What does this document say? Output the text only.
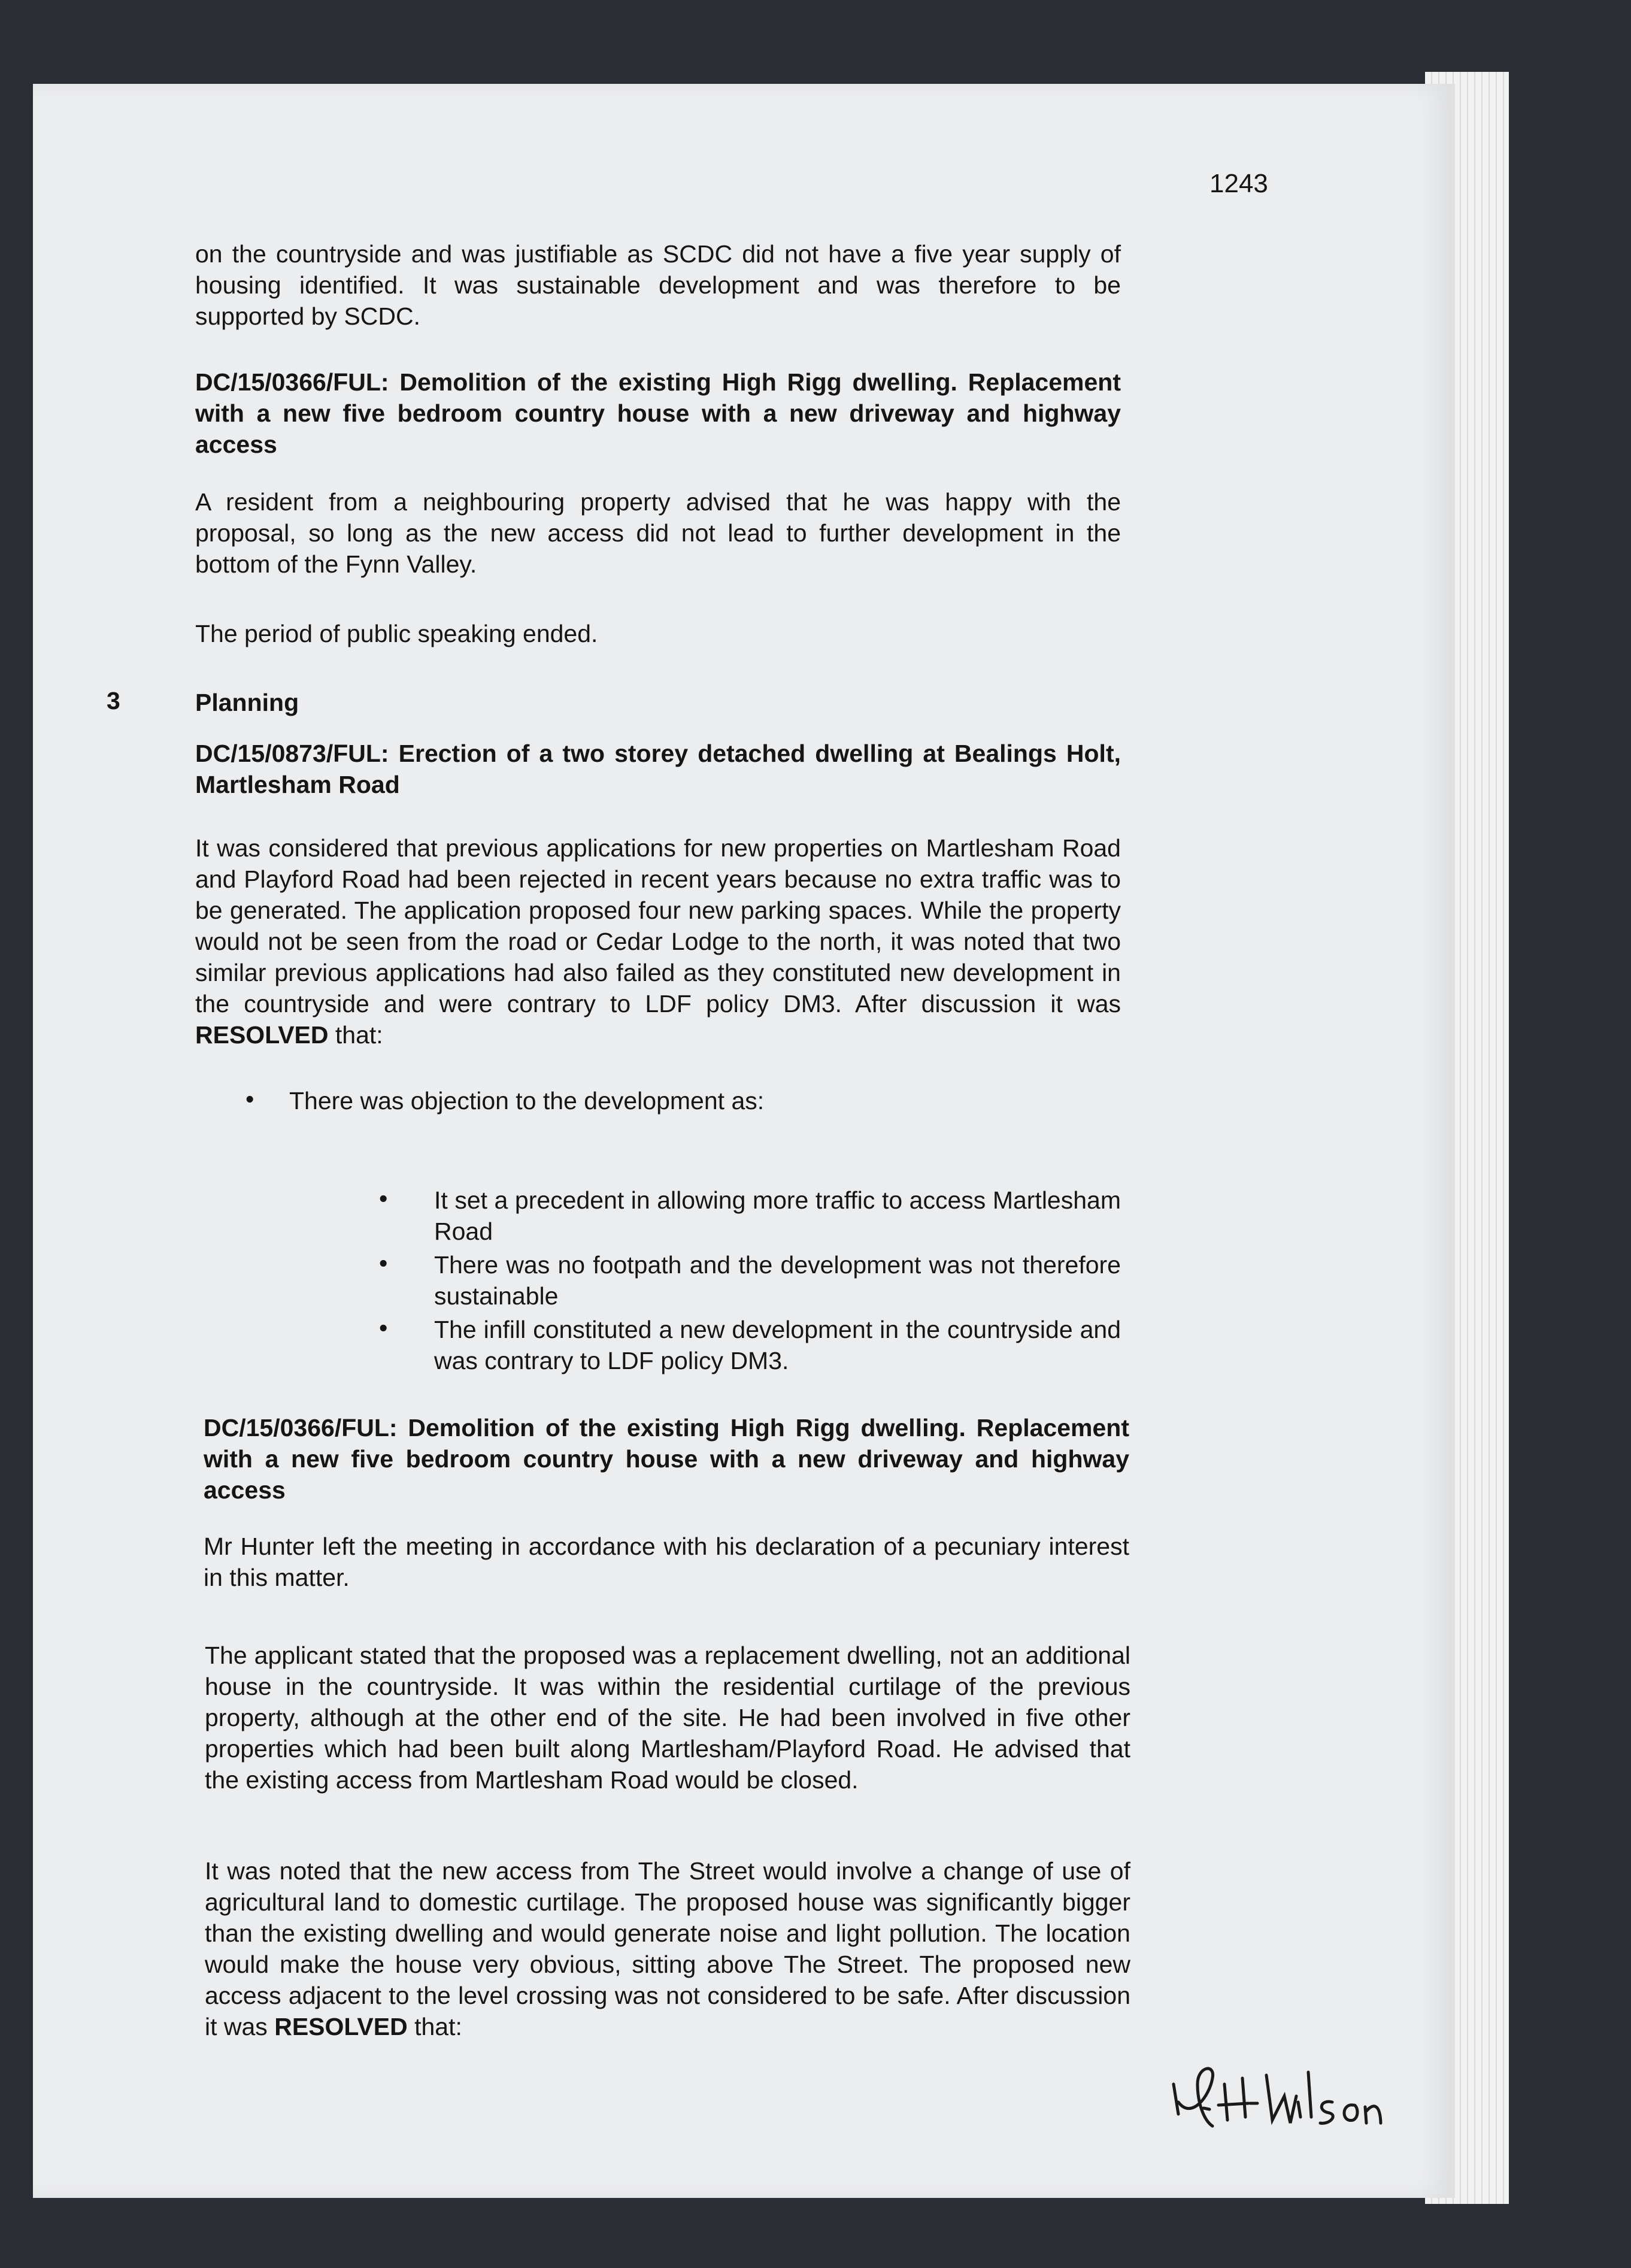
1243
on the countryside and was justifiable as SCDC did not have a five year supply of housing identified. It was sustainable development and was therefore to be supported by SCDC.
DC/15/0366/FUL: Demolition of the existing High Rigg dwelling. Replacement with a new five bedroom country house with a new driveway and highway access
A resident from a neighbouring property advised that he was happy with the proposal, so long as the new access did not lead to further development in the bottom of the Fynn Valley.
The period of public speaking ended.
3	Planning
DC/15/0873/FUL: Erection of a two storey detached dwelling at Bealings Holt, Martlesham Road
It was considered that previous applications for new properties on Martlesham Road and Playford Road had been rejected in recent years because no extra traffic was to be generated. The application proposed four new parking spaces. While the property would not be seen from the road or Cedar Lodge to the north, it was noted that two similar previous applications had also failed as they constituted new development in the countryside and were contrary to LDF policy DM3. After discussion it was RESOLVED that:
• There was objection to the development as:
• It set a precedent in allowing more traffic to access Martlesham Road
• There was no footpath and the development was not therefore sustainable
• The infill constituted a new development in the countryside and was contrary to LDF policy DM3.
DC/15/0366/FUL: Demolition of the existing High Rigg dwelling. Replacement with a new five bedroom country house with a new driveway and highway access
Mr Hunter left the meeting in accordance with his declaration of a pecuniary interest in this matter.
The applicant stated that the proposed was a replacement dwelling, not an additional house in the countryside. It was within the residential curtilage of the previous property, although at the other end of the site. He had been involved in five other properties which had been built along Martlesham/Playford Road. He advised that the existing access from Martlesham Road would be closed.
It was noted that the new access from The Street would involve a change of use of agricultural land to domestic curtilage. The proposed house was significantly bigger than the existing dwelling and would generate noise and light pollution. The location would make the house very obvious, sitting above The Street. The proposed new access adjacent to the level crossing was not considered to be safe. After discussion it was RESOLVED that:
